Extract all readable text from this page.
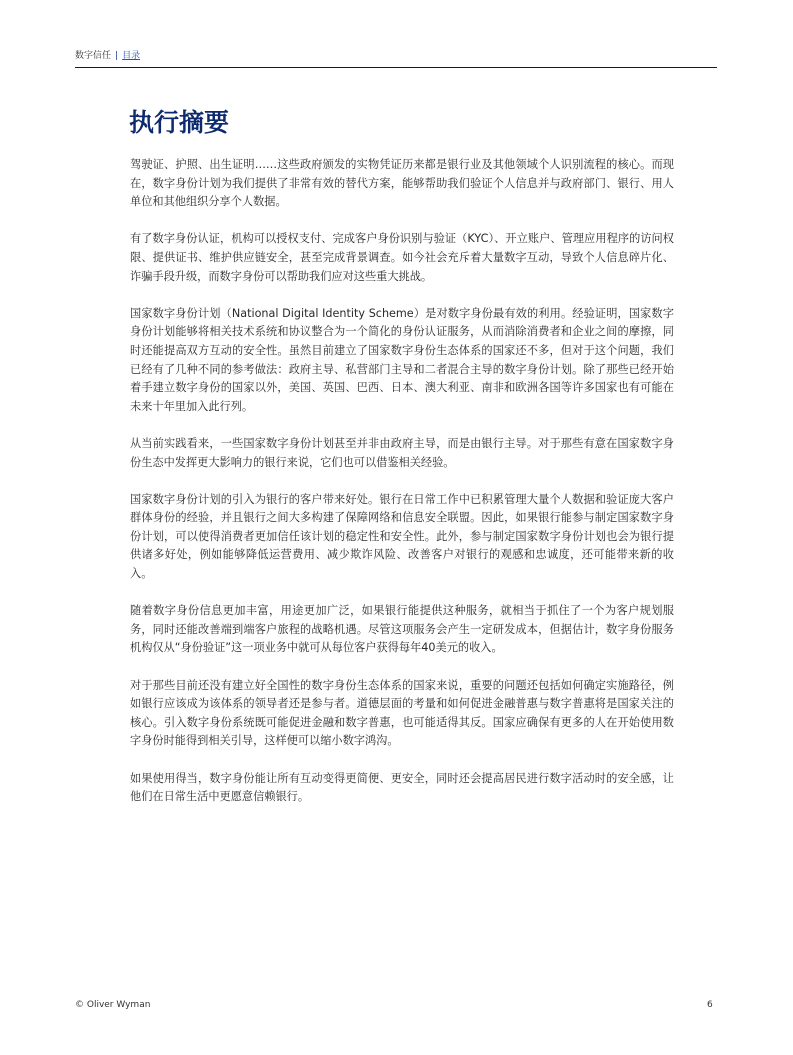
数字信任 | 目录
执行摘要

驾驶证、护照、出生证明……这些政府颁发的实物凭证历来都是银行业及其他领域个人识别流程的核心。而现在，数字身份计划为我们提供了非常有效的替代方案，能够帮助我们验证个人信息并与政府部门、银行、用人单位和其他组织分享个人数据。

有了数字身份认证，机构可以授权支付、完成客户身份识别与验证（KYC）、开立账户、管理应用程序的访问权限、提供证书、维护供应链安全，甚至完成背景调查。如今社会充斥着大量数字互动，导致个人信息碎片化、诈骗手段升级，而数字身份可以帮助我们应对这些重大挑战。

国家数字身份计划（National Digital Identity Scheme）是对数字身份最有效的利用。经验证明，国家数字身份计划能够将相关技术系统和协议整合为一个简化的身份认证服务，从而消除消费者和企业之间的摩擦，同时还能提高双方互动的安全性。虽然目前建立了国家数字身份生态体系的国家还不多，但对于这个问题，我们已经有了几种不同的参考做法：政府主导、私营部门主导和二者混合主导的数字身份计划。除了那些已经开始着手建立数字身份的国家以外，美国、英国、巴西、日本、澳大利亚、南非和欧洲各国等许多国家也有可能在未来十年里加入此行列。

从当前实践看来，一些国家数字身份计划甚至并非由政府主导，而是由银行主导。对于那些有意在国家数字身份生态中发挥更大影响力的银行来说，它们也可以借鉴相关经验。

国家数字身份计划的引入为银行的客户带来好处。银行在日常工作中已积累管理大量个人数据和验证庞大客户群体身份的经验，并且银行之间大多构建了保障网络和信息安全联盟。因此，如果银行能参与制定国家数字身份计划，可以使得消费者更加信任该计划的稳定性和安全性。此外，参与制定国家数字身份计划也会为银行提供诸多好处，例如能够降低运营费用、减少欺诈风险、改善客户对银行的观感和忠诚度，还可能带来新的收入。

随着数字身份信息更加丰富，用途更加广泛，如果银行能提供这种服务，就相当于抓住了一个为客户规划服务，同时还能改善端到端客户旅程的战略机遇。尽管这项服务会产生一定研发成本，但据估计，数字身份服务机构仅从“身份验证”这一项业务中就可从每位客户获得每年40美元的收入。

对于那些目前还没有建立好全国性的数字身份生态体系的国家来说，重要的问题还包括如何确定实施路径，例如银行应该成为该体系的领导者还是参与者。道德层面的考量和如何促进金融普惠与数字普惠将是国家关注的核心。引入数字身份系统既可能促进金融和数字普惠，也可能适得其反。国家应确保有更多的人在开始使用数字身份时能得到相关引导，这样便可以缩小数字鸿沟。

如果使用得当，数字身份能让所有互动变得更简便、更安全，同时还会提高居民进行数字活动时的安全感，让他们在日常生活中更愿意信赖银行。

© Oliver Wyman	6
